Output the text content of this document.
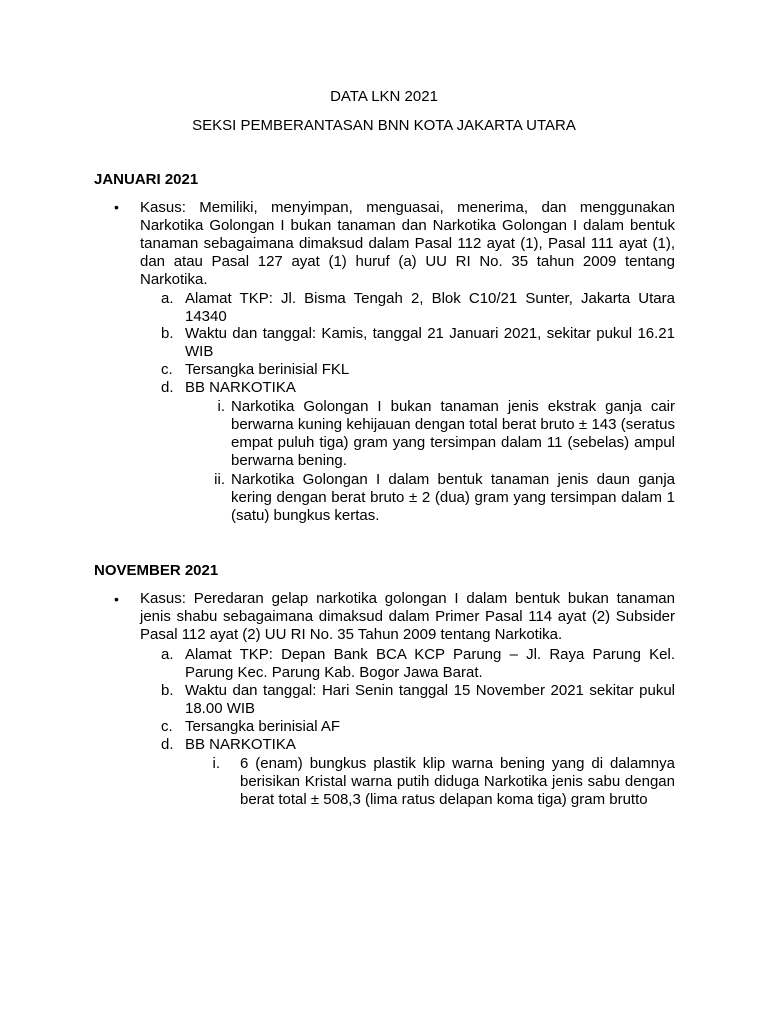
DATA LKN 2021
SEKSI PEMBERANTASAN BNN KOTA JAKARTA UTARA
JANUARI 2021
• Kasus: Memiliki, menyimpan, menguasai, menerima, dan menggunakan Narkotika Golongan I bukan tanaman dan Narkotika Golongan I dalam bentuk tanaman sebagaimana dimaksud dalam Pasal 112 ayat (1), Pasal 111 ayat (1), dan atau Pasal 127 ayat (1) huruf (a) UU RI No. 35 tahun 2009 tentang Narkotika.

a. Alamat TKP: Jl. Bisma Tengah 2, Blok C10/21 Sunter, Jakarta Utara 14340
b. Waktu dan tanggal: Kamis, tanggal 21 Januari 2021, sekitar pukul 16.21 WIB
c. Tersangka berinisial FKL
d. BB NARKOTIKA
i. Narkotika Golongan I bukan tanaman jenis ekstrak ganja cair berwarna kuning kehijauan dengan total berat bruto ± 143 (seratus empat puluh tiga) gram yang tersimpan dalam 11 (sebelas) ampul berwarna bening.
ii. Narkotika Golongan I dalam bentuk tanaman jenis daun ganja kering dengan berat bruto ± 2 (dua) gram yang tersimpan dalam 1 (satu) bungkus kertas.
NOVEMBER 2021
• Kasus: Peredaran gelap narkotika golongan I dalam bentuk bukan tanaman jenis shabu sebagaimana dimaksud dalam Primer Pasal 114 ayat (2) Subsider Pasal 112 ayat (2) UU RI No. 35 Tahun 2009 tentang Narkotika.

a. Alamat TKP: Depan Bank BCA KCP Parung – Jl. Raya Parung Kel. Parung Kec. Parung Kab. Bogor Jawa Barat.
b. Waktu dan tanggal: Hari Senin tanggal 15 November 2021 sekitar pukul 18.00 WIB
c. Tersangka berinisial AF
d. BB NARKOTIKA
i. 6 (enam) bungkus plastik klip warna bening yang di dalamnya berisikan Kristal warna putih diduga Narkotika jenis sabu dengan berat total ± 508,3 (lima ratus delapan koma tiga) gram brutto
